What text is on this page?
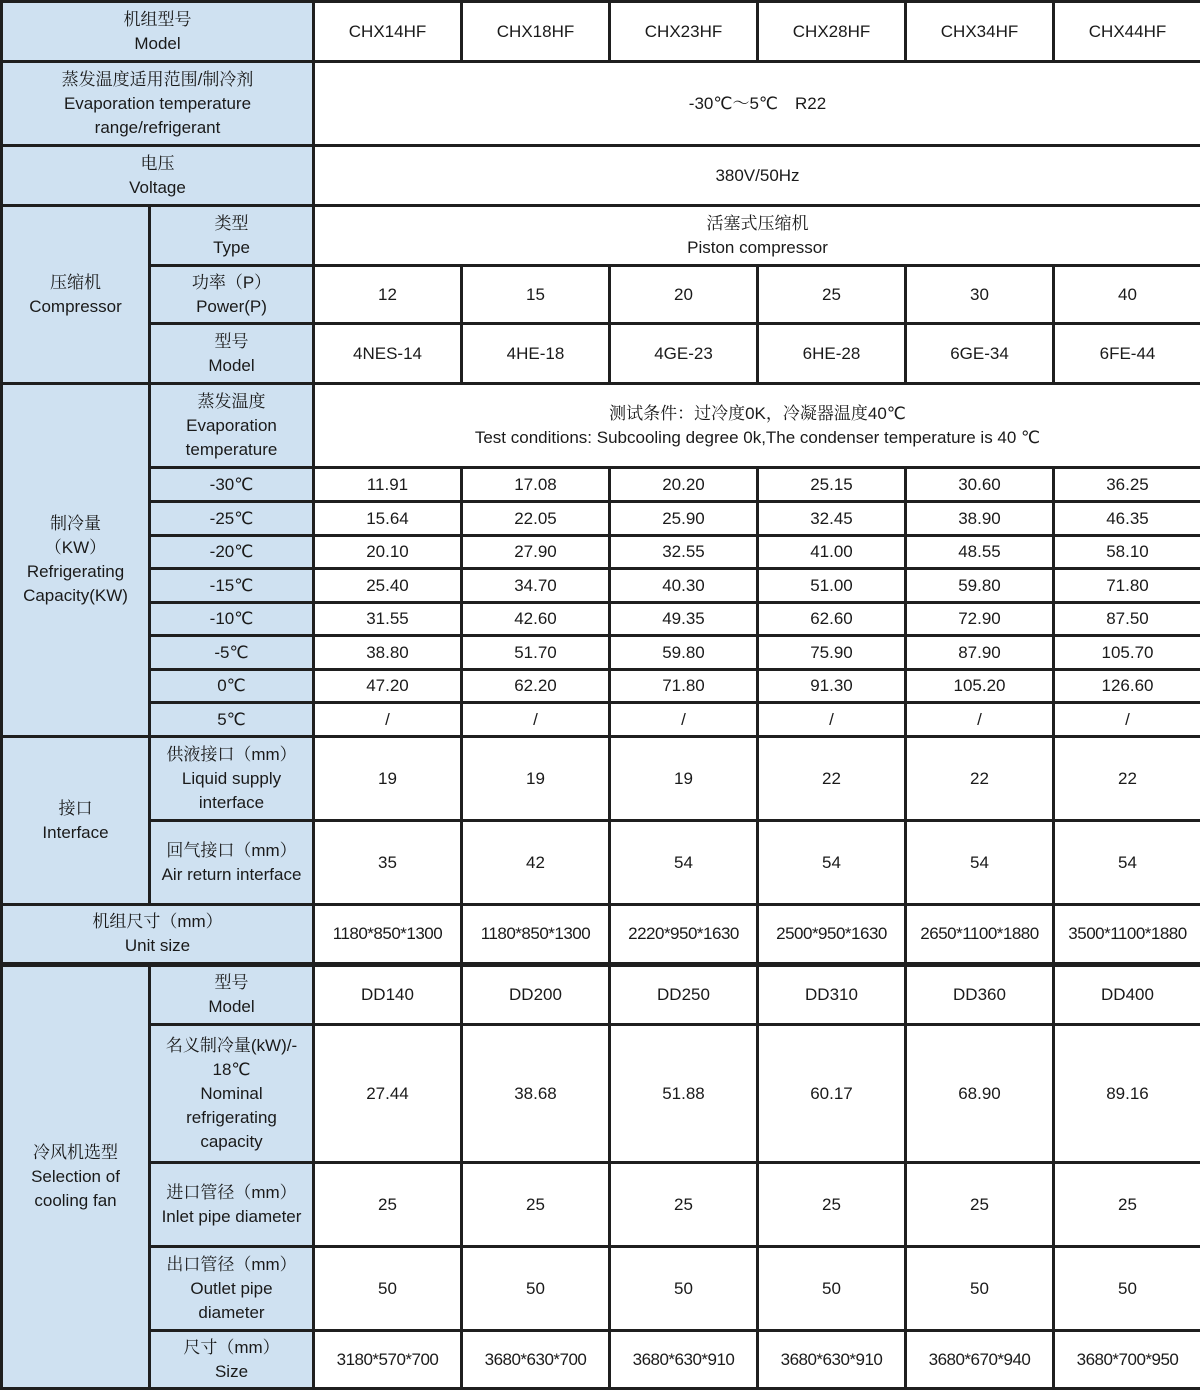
机组型号
Model		CHX14HF	CHX18HF	CHX23HF	CHX28HF	CHX34HF	CHX44HF
蒸发温度适用范围/制冷剂
Evaporation temperature
range/refrigerant		-30℃～5℃　R22					
电压
Voltage		380V/50Hz					
压缩机
Compressor	类型
Type	活塞式压缩机
Piston compressor					
	功率（P）
Power(P)	12	15	20	25	30	40
	型号
Model	4NES-14	4HE-18	4GE-23	6HE-28	6GE-34	6FE-44
制冷量
（KW）
Refrigerating
Capacity(KW)	蒸发温度
Evaporation
temperature	测试条件：过冷度0K，冷凝器温度40℃
Test conditions: Subcooling degree 0k,The condenser temperature is 40 ℃					
	-30℃	11.91	17.08	20.20	25.15	30.60	36.25
	-25℃	15.64	22.05	25.90	32.45	38.90	46.35
	-20℃	20.10	27.90	32.55	41.00	48.55	58.10
	-15℃	25.40	34.70	40.30	51.00	59.80	71.80
	-10℃	31.55	42.60	49.35	62.60	72.90	87.50
	-5℃	38.80	51.70	59.80	75.90	87.90	105.70
	0℃	47.20	62.20	71.80	91.30	105.20	126.60
	5℃	/	/	/	/	/	/
接口
Interface	供液接口（mm）
Liquid supply
interface	19	19	19	22	22	22
	回气接口（mm）
Air return interface	35	42	54	54	54	54
机组尺寸（mm）
Unit size		1180*850*1300	1180*850*1300	2220*950*1630	2500*950*1630	2650*1100*1880	3500*1100*1880
冷风机选型
Selection of
cooling fan	型号
Model	DD140	DD200	DD250	DD310	DD360	DD400
	名义制冷量(kW)/-
18℃
Nominal
refrigerating
capacity	27.44	38.68	51.88	60.17	68.90	89.16
	进口管径（mm）
Inlet pipe diameter	25	25	25	25	25	25
	出口管径（mm）
Outlet pipe
diameter	50	50	50	50	50	50
	尺寸（mm）
Size	3180*570*700	3680*630*700	3680*630*910	3680*630*910	3680*670*940	3680*700*950
